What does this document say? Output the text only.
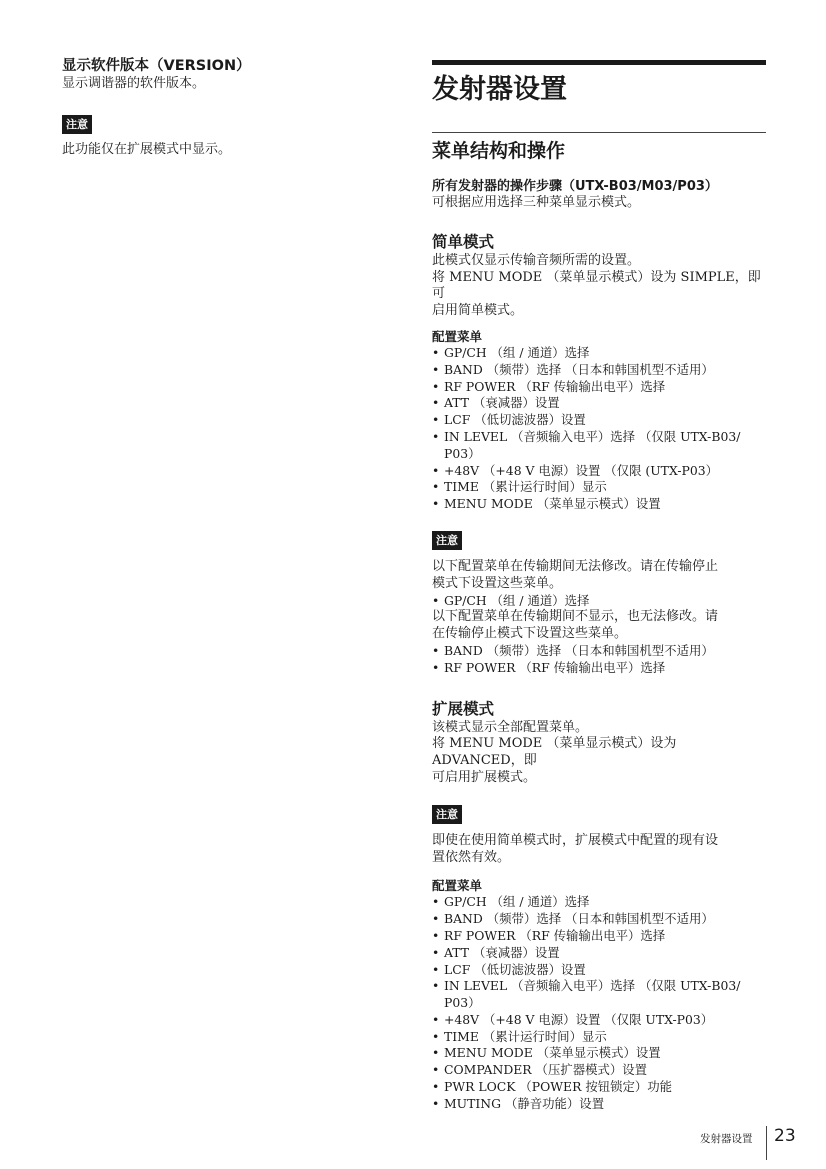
显示软件版本（VERSION）

显示调谐器的软件版本。

注意

此功能仅在扩展模式中显示。

发射器设置
菜单结构和操作

所有发射器的操作步骤（UTX-B03/M03/P03）

可根据应用选择三种菜单显示模式。

简单模式

此模式仅显示传输音频所需的设置。

将 MENU MODE （菜单显示模式）设为 SIMPLE，即可

启用简单模式。

配置菜单

• GP/CH （组 / 通道）选择
• BAND （频带）选择 （日本和韩国机型不适用）
• RF POWER （RF 传输输出电平）选择
• ATT （衰减器）设置
• LCF （低切滤波器）设置
• IN LEVEL （音频输入电平）选择 （仅限 UTX-B03/
P03）
• +48V （+48 V 电源）设置 （仅限 (UTX-P03）
• TIME （累计运行时间）显示
• MENU MODE （菜单显示模式）设置
注意

以下配置菜单在传输期间无法修改。请在传输停止

模式下设置这些菜单。

• GP/CH （组 / 通道）选择

以下配置菜单在传输期间不显示，也无法修改。请

在传输停止模式下设置这些菜单。

• BAND （频带）选择 （日本和韩国机型不适用）
• RF POWER （RF 传输输出电平）选择
扩展模式

该模式显示全部配置菜单。

将 MENU MODE （菜单显示模式）设为 ADVANCED，即

可启用扩展模式。

注意

即使在使用简单模式时，扩展模式中配置的现有设

置依然有效。

配置菜单

• GP/CH （组 / 通道）选择
• BAND （频带）选择 （日本和韩国机型不适用）
• RF POWER （RF 传输输出电平）选择
• ATT （衰减器）设置
• LCF （低切滤波器）设置
• IN LEVEL （音频输入电平）选择 （仅限 UTX-B03/
P03）
• +48V （+48 V 电源）设置 （仅限 UTX-P03）
• TIME （累计运行时间）显示
• MENU MODE （菜单显示模式）设置
• COMPANDER （压扩器模式）设置
• PWR LOCK （POWER 按钮锁定）功能
• MUTING （静音功能）设置
发射器设置 23
